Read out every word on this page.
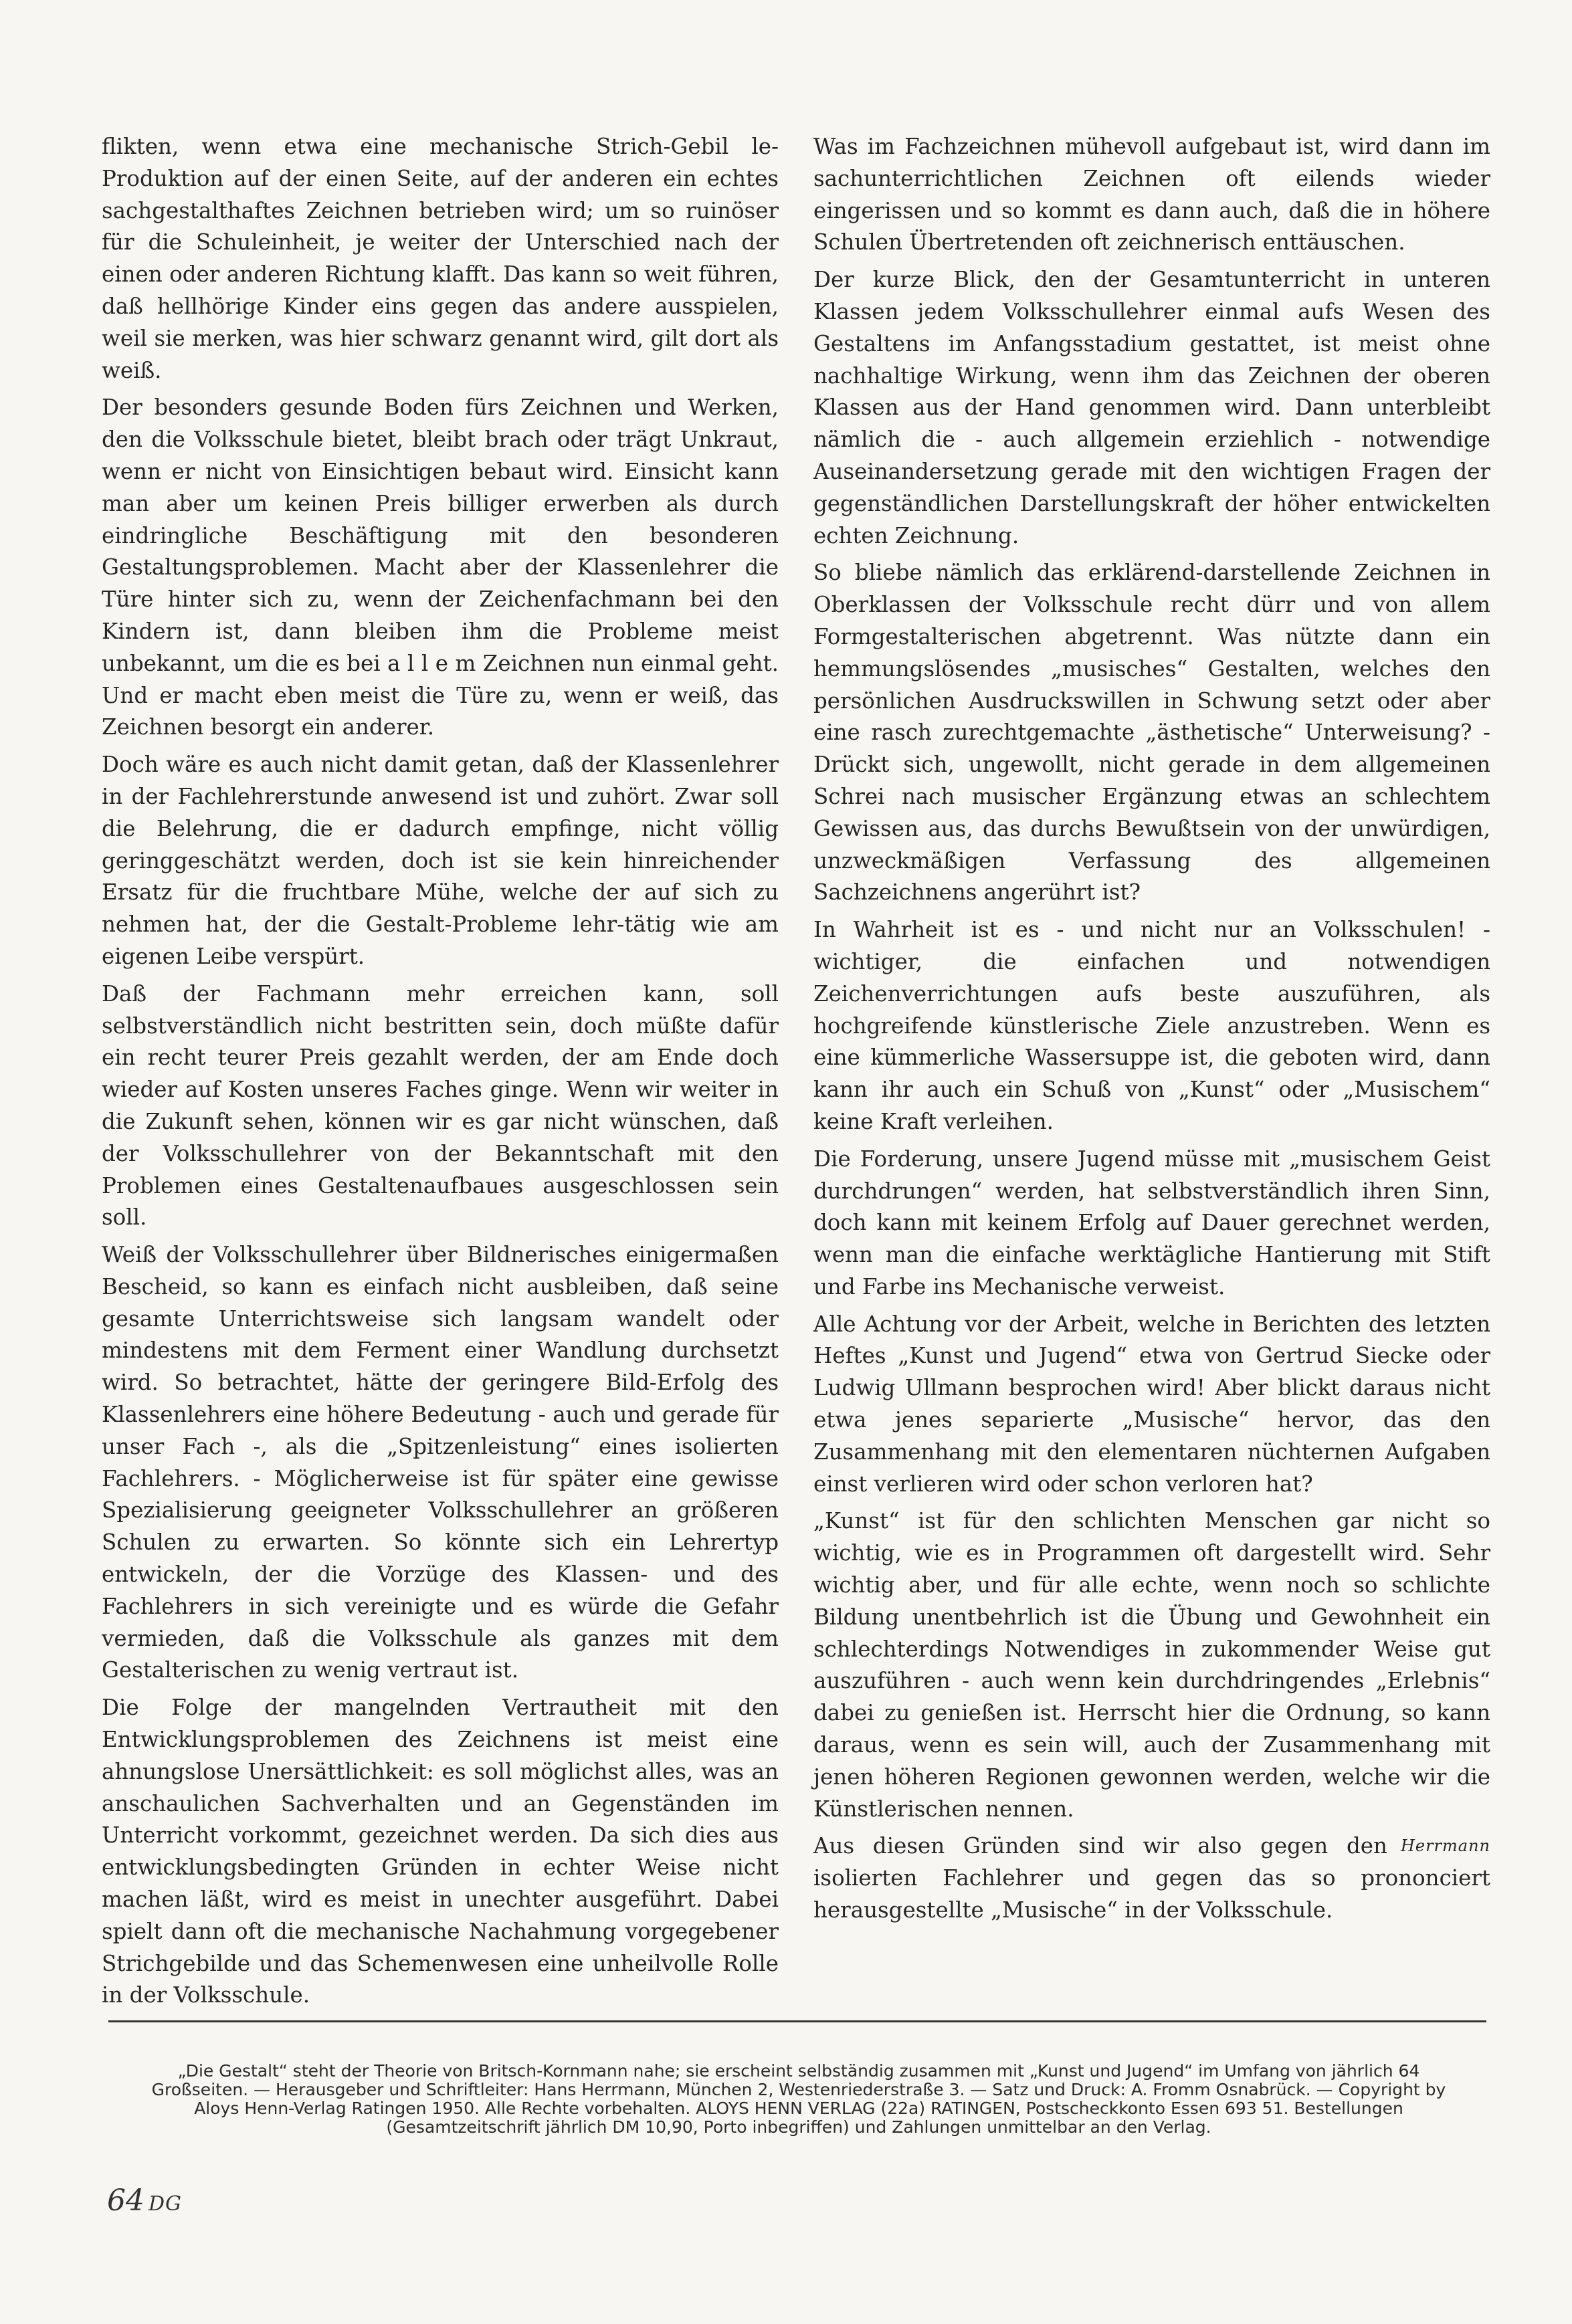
flikten, wenn etwa eine mechanische Strich-Gebil le-Produktion auf der einen Seite, auf der anderen ein echtes sachgestalthaftes Zeichnen betrieben wird; um so ruinöser für die Schuleinheit, je weiter der Unterschied nach der einen oder anderen Richtung klafft. Das kann so weit führen, daß hellhörige Kinder eins gegen das andere ausspielen, weil sie merken, was hier schwarz genannt wird, gilt dort als weiß.

Der besonders gesunde Boden fürs Zeichnen und Werken, den die Volksschule bietet, bleibt brach oder trägt Unkraut, wenn er nicht von Einsichtigen bebaut wird. Einsicht kann man aber um keinen Preis billiger erwerben als durch eindringliche Beschäftigung mit den besonderen Gestaltungsproblemen. Macht aber der Klassenlehrer die Türe hinter sich zu, wenn der Zeichenfachmann bei den Kindern ist, dann bleiben ihm die Probleme meist unbekannt, um die es bei a l l e m Zeichnen nun einmal geht. Und er macht eben meist die Türe zu, wenn er weiß, das Zeichnen besorgt ein anderer.

Doch wäre es auch nicht damit getan, daß der Klassenlehrer in der Fachlehrerstunde anwesend ist und zuhört. Zwar soll die Belehrung, die er dadurch empfinge, nicht völlig geringgeschätzt werden, doch ist sie kein hinreichender Ersatz für die fruchtbare Mühe, welche der auf sich zu nehmen hat, der die Gestalt-Probleme lehr-tätig wie am eigenen Leibe verspürt.

Daß der Fachmann mehr erreichen kann, soll selbstverständlich nicht bestritten sein, doch müßte dafür ein recht teurer Preis gezahlt werden, der am Ende doch wieder auf Kosten unseres Faches ginge. Wenn wir weiter in die Zukunft sehen, können wir es gar nicht wünschen, daß der Volksschullehrer von der Bekanntschaft mit den Problemen eines Gestaltenaufbaues ausgeschlossen sein soll.

Weiß der Volksschullehrer über Bildnerisches einigermaßen Bescheid, so kann es einfach nicht ausbleiben, daß seine gesamte Unterrichtsweise sich langsam wandelt oder mindestens mit dem Ferment einer Wandlung durchsetzt wird. So betrachtet, hätte der geringere Bild-Erfolg des Klassenlehrers eine höhere Bedeutung - auch und gerade für unser Fach -, als die „Spitzenleistung“ eines isolierten Fachlehrers. - Möglicherweise ist für später eine gewisse Spezialisierung geeigneter Volksschullehrer an größeren Schulen zu erwarten. So könnte sich ein Lehrertyp entwickeln, der die Vorzüge des Klassen- und des Fachlehrers in sich vereinigte und es würde die Gefahr vermieden, daß die Volksschule als ganzes mit dem Gestalterischen zu wenig vertraut ist.

Die Folge der mangelnden Vertrautheit mit den Entwicklungsproblemen des Zeichnens ist meist eine ahnungslose Unersättlichkeit: es soll möglichst alles, was an anschaulichen Sachverhalten und an Gegenständen im Unterricht vorkommt, gezeichnet werden. Da sich dies aus entwicklungsbedingten Gründen in echter Weise nicht machen läßt, wird es meist in unechter ausgeführt. Dabei spielt dann oft die mechanische Nachahmung vorgegebener Strichgebilde und das Schemenwesen eine unheilvolle Rolle in der Volksschule.

Was im Fachzeichnen mühevoll aufgebaut ist, wird dann im sachunterrichtlichen Zeichnen oft eilends wieder eingerissen und so kommt es dann auch, daß die in höhere Schulen Übertretenden oft zeichnerisch enttäuschen.

Der kurze Blick, den der Gesamtunterricht in unteren Klassen jedem Volksschullehrer einmal aufs Wesen des Gestaltens im Anfangsstadium gestattet, ist meist ohne nachhaltige Wirkung, wenn ihm das Zeichnen der oberen Klassen aus der Hand genommen wird. Dann unterbleibt nämlich die - auch allgemein erziehlich - notwendige Auseinandersetzung gerade mit den wichtigen Fragen der gegenständlichen Darstellungskraft der höher entwickelten echten Zeichnung.

So bliebe nämlich das erklärend-darstellende Zeichnen in Oberklassen der Volksschule recht dürr und von allem Formgestalterischen abgetrennt. Was nützte dann ein hemmungslösendes „musisches“ Gestalten, welches den persönlichen Ausdruckswillen in Schwung setzt oder aber eine rasch zurechtgemachte „ästhetische“ Unterweisung? - Drückt sich, ungewollt, nicht gerade in dem allgemeinen Schrei nach musischer Ergänzung etwas an schlechtem Gewissen aus, das durchs Bewußtsein von der unwürdigen, unzweckmäßigen Verfassung des allgemeinen Sachzeichnens angerührt ist?

In Wahrheit ist es - und nicht nur an Volksschulen! - wichtiger, die einfachen und notwendigen Zeichenverrichtungen aufs beste auszuführen, als hochgreifende künstlerische Ziele anzustreben. Wenn es eine kümmerliche Wassersuppe ist, die geboten wird, dann kann ihr auch ein Schuß von „Kunst“ oder „Musischem“ keine Kraft verleihen.

Die Forderung, unsere Jugend müsse mit „musischem Geist durchdrungen“ werden, hat selbstverständlich ihren Sinn, doch kann mit keinem Erfolg auf Dauer gerechnet werden, wenn man die einfache werktägliche Hantierung mit Stift und Farbe ins Mechanische verweist.

Alle Achtung vor der Arbeit, welche in Berichten des letzten Heftes „Kunst und Jugend“ etwa von Gertrud Siecke oder Ludwig Ullmann besprochen wird! Aber blickt daraus nicht etwa jenes separierte „Musische“ hervor, das den Zusammenhang mit den elementaren nüchternen Aufgaben einst verlieren wird oder schon verloren hat?

„Kunst“ ist für den schlichten Menschen gar nicht so wichtig, wie es in Programmen oft dargestellt wird. Sehr wichtig aber, und für alle echte, wenn noch so schlichte Bildung unentbehrlich ist die Übung und Gewohnheit ein schlechterdings Notwendiges in zukommender Weise gut auszuführen - auch wenn kein durchdringendes „Erlebnis“ dabei zu genießen ist. Herrscht hier die Ordnung, so kann daraus, wenn es sein will, auch der Zusammenhang mit jenen höheren Regionen gewonnen werden, welche wir die Künstlerischen nennen.

Herrmann
Aus diesen Gründen sind wir also gegen den isolierten Fachlehrer und gegen das so prononciert herausgestellte „Musische“ in der Volksschule.

„Die Gestalt“ steht der Theorie von Britsch-Kornmann nahe; sie erscheint selbständig zusammen mit „Kunst und Jugend“ im Umfang von jährlich 64 Großseiten. — Herausgeber und Schriftleiter: Hans Herrmann, München 2, Westenriederstraße 3. — Satz und Druck: A. Fromm Osnabrück. — Copyright by Aloys Henn-Verlag Ratingen 1950. Alle Rechte vorbehalten. ALOYS HENN VERLAG (22a) RATINGEN, Postscheckkonto Essen 693 51. Bestellungen (Gesamtzeitschrift jährlich DM 10,90, Porto inbegriffen) und Zahlungen unmittelbar an den Verlag.

64 DG
